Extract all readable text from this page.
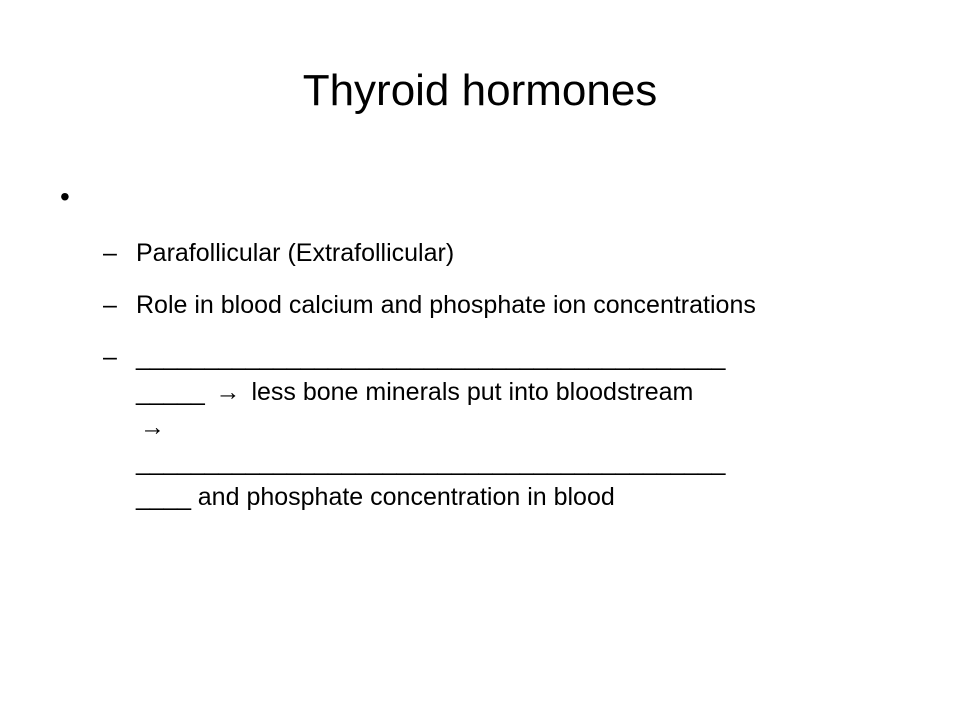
Thyroid hormones
•
– Parafollicular (Extrafollicular)
– Role in blood calcium and phosphate ion concentrations
– ___________________________________________
_____ → less bone minerals put into bloodstream
→
___________________________________________
____ and phosphate concentration in blood
